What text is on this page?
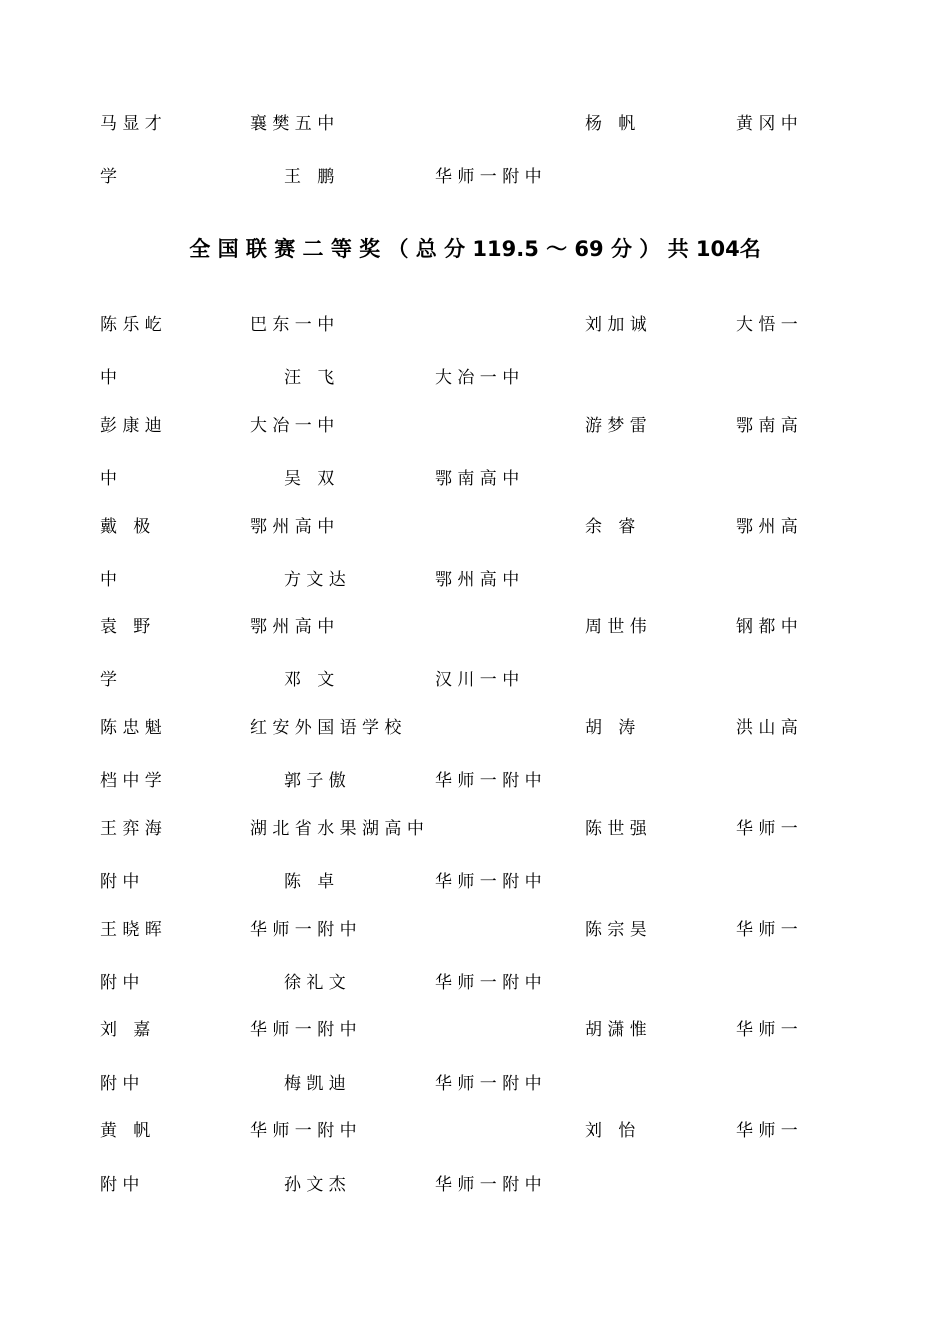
马 显 才	襄 樊 五 中	杨   帆	黄 冈 中
学	王   鹏	华 师 一 附 中
全 国 联 赛 二 等 奖 （ 总 分 119.5 ～ 69 分 ） 共 104名
陈 乐 屹	巴 东 一 中	刘 加 诚	大 悟 一
中	汪   飞	大 冶 一 中
彭 康 迪	大 冶 一 中	游 梦 雷	鄂 南 高
中	吴   双	鄂 南 高 中
戴   极	鄂 州 高 中	余   睿	鄂 州 高
中	方 文 达	鄂 州 高 中
袁   野	鄂 州 高 中	周 世 伟	钢 都 中
学	邓   文	汉 川 一 中
陈 忠 魁	红 安 外 国 语 学 校	胡   涛	洪 山 高
档 中 学	郭 子 傲	华 师 一 附 中
王 弈 海	湖 北 省 水 果 湖 高 中	陈 世 强	华 师 一
附 中	陈   卓	华 师 一 附 中
王 晓 晖	华 师 一 附 中	陈 宗 昊	华 师 一
附 中	徐 礼 文	华 师 一 附 中
刘   嘉	华 师 一 附 中	胡 潇 惟	华 师 一
附 中	梅 凯 迪	华 师 一 附 中
黄   帆	华 师 一 附 中	刘   怡	华 师 一
附 中	孙 文 杰	华 师 一 附 中
